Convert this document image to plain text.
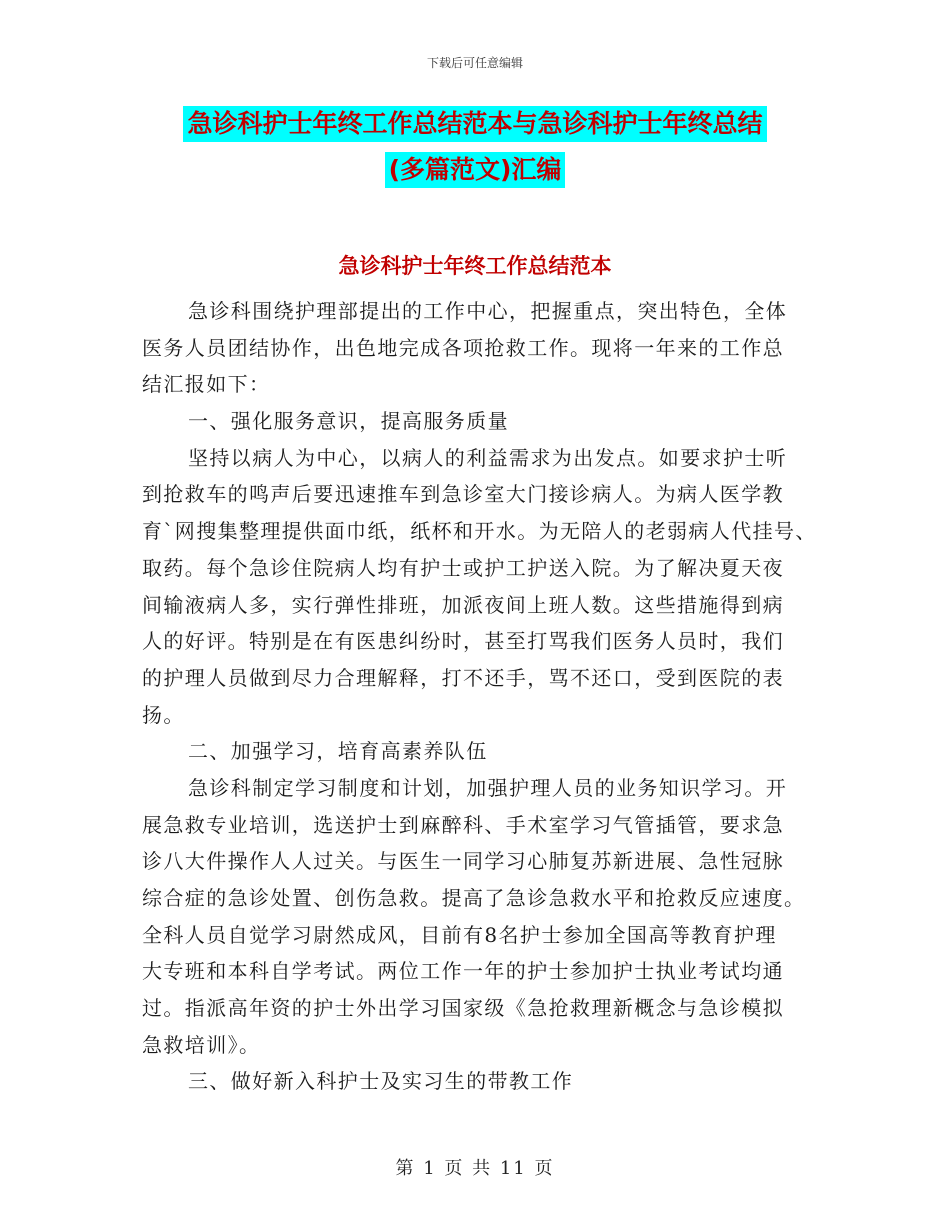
下载后可任意编辑
急诊科护士年终工作总结范本与急诊科护士年终总结
(多篇范文)汇编
急诊科护士年终工作总结范本
急诊科围绕护理部提出的工作中心，把握重点，突出特色，全体
医务人员团结协作，出色地完成各项抢救工作。现将一年来的工作总
结汇报如下：
一、强化服务意识，提高服务质量
坚持以病人为中心，以病人的利益需求为出发点。如要求护士听
到抢救车的鸣声后要迅速推车到急诊室大门接诊病人。为病人医学教
育`网搜集整理提供面巾纸，纸杯和开水。为无陪人的老弱病人代挂号、
取药。每个急诊住院病人均有护士或护工护送入院。为了解决夏天夜
间输液病人多，实行弹性排班，加派夜间上班人数。这些措施得到病
人的好评。特别是在有医患纠纷时，甚至打骂我们医务人员时，我们
的护理人员做到尽力合理解释，打不还手，骂不还口，受到医院的表
扬。
二、加强学习，培育高素养队伍
急诊科制定学习制度和计划，加强护理人员的业务知识学习。开
展急救专业培训，选送护士到麻醉科、手术室学习气管插管，要求急
诊八大件操作人人过关。与医生一同学习心肺复苏新进展、急性冠脉
综合症的急诊处置、创伤急救。提高了急诊急救水平和抢救反应速度。
全科人员自觉学习尉然成风，目前有8名护士参加全国高等教育护理
大专班和本科自学考试。两位工作一年的护士参加护士执业考试均通
过。指派高年资的护士外出学习国家级《急抢救理新概念与急诊模拟
急救培训》。
三、做好新入科护士及实习生的带教工作
第 1 页 共 11 页
